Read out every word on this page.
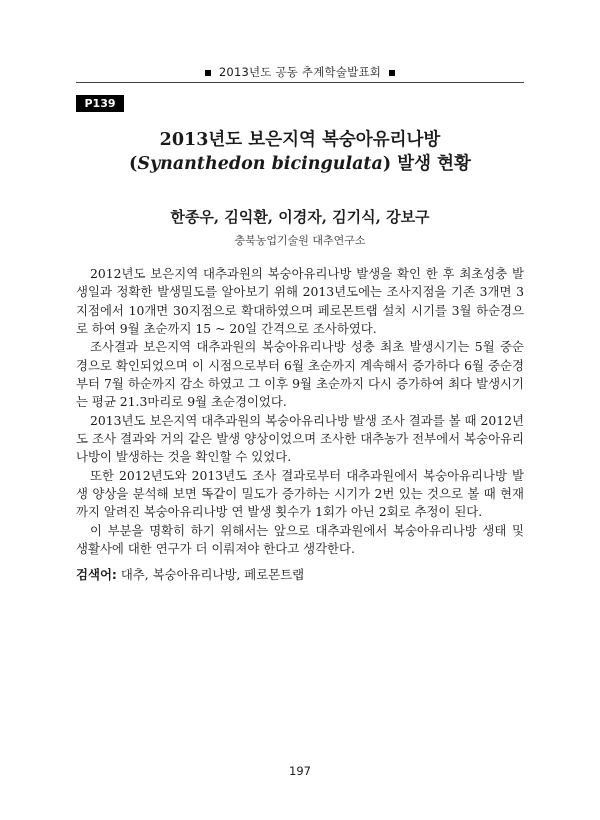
2013년도 공동 추계학술발표회
P139
2013년도 보은지역 복숭아유리나방
(Synanthedon bicingulata) 발생 현황
한종우, 김익환, 이경자, 김기식, 강보구
충북농업기술원 대추연구소

2012년도 보은지역 대추과원의 복숭아유리나방 발생을 확인 한 후 최초성충 발생일과 정확한 발생밀도를 알아보기 위해 2013년도에는 조사지점을 기존 3개면 3지점에서 10개면 30지점으로 확대하였으며 페로몬트랩 설치 시기를 3월 하순경으로 하여 9월 초순까지 15 ~ 20일 간격으로 조사하였다.

조사결과 보은지역 대추과원의 복숭아유리나방 성충 최초 발생시기는 5월 중순경으로 확인되었으며 이 시점으로부터 6월 초순까지 계속해서 증가하다 6월 중순경부터 7월 하순까지 감소 하였고 그 이후 9월 초순까지 다시 증가하여 최다 발생시기는 평균 21.3마리로 9월 초순경이었다.

2013년도 보은지역 대추과원의 복숭아유리나방 발생 조사 결과를 볼 때 2012년도 조사 결과와 거의 같은 발생 양상이었으며 조사한 대추농가 전부에서 복숭아유리나방이 발생하는 것을 확인할 수 있었다.

또한 2012년도와 2013년도 조사 결과로부터 대추과원에서 복숭아유리나방 발생 양상을 분석해 보면 똑같이 밀도가 증가하는 시기가 2번 있는 것으로 볼 때 현재까지 알려진 복숭아유리나방 연 발생 횟수가 1회가 아닌 2회로 추정이 된다.

이 부분을 명확히 하기 위해서는 앞으로 대추과원에서 복숭아유리나방 생태 및 생활사에 대한 연구가 더 이뤄져야 한다고 생각한다.

검색어: 대추, 복숭아유리나방, 페로몬트랩
197
